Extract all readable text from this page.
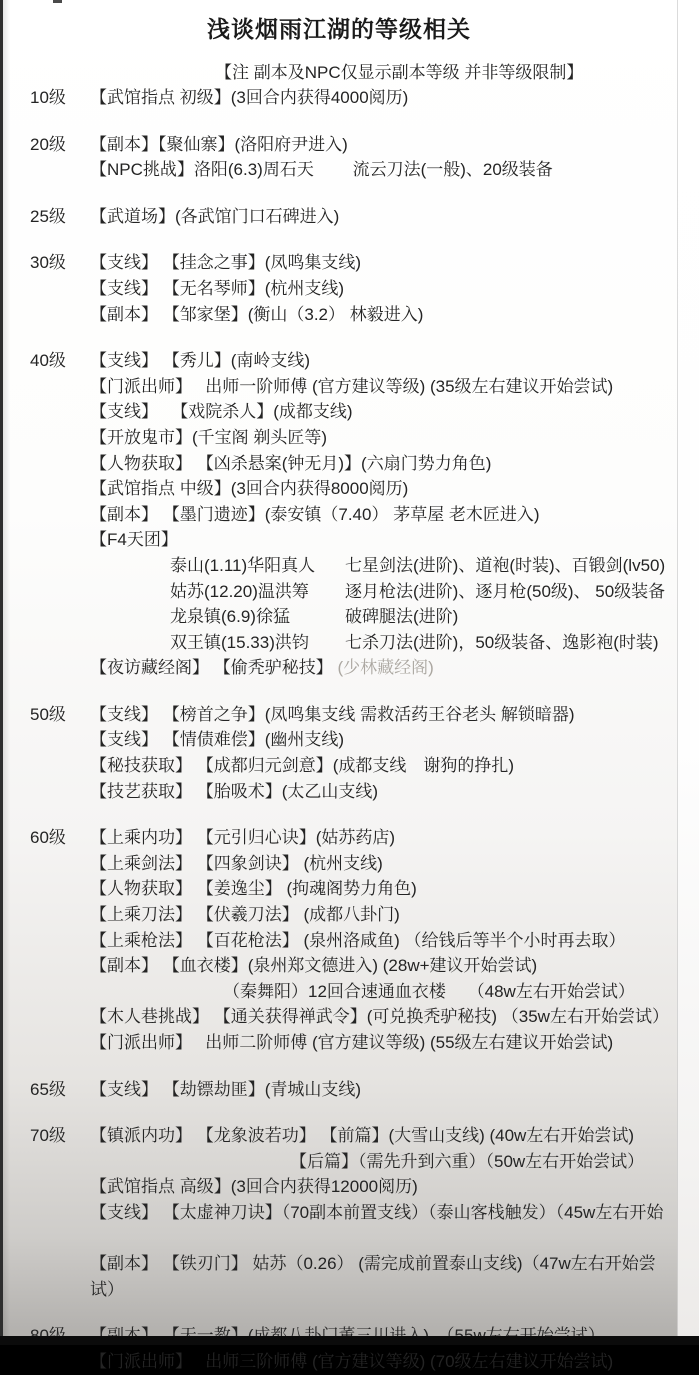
浅谈烟雨江湖的等级相关
【注 副本及NPC仅显示副本等级 并非等级限制】
10级	【武馆指点 初级】(3回合内获得4000阅历)
20级	【副本】【聚仙寨】(洛阳府尹进入)
【NPC挑战】洛阳(6.3)周石天　　 流云刀法(一般)、20级装备
25级	【武道场】(各武馆门口石碑进入)
30级	【支线】 【挂念之事】(凤鸣集支线)
【支线】 【无名琴师】(杭州支线)
【副本】 【邹家堡】(衡山（3.2） 林毅进入)
40级	【支线】 【秀儿】(南岭支线)
【门派出师】　 出师一阶师傅 (官方建议等级) (35级左右建议开始尝试)
【支线】　 【戏院杀人】(成都支线)
【开放鬼市】(千宝阁 剃头匠等)
【人物获取】 【凶杀悬案(钟无月)】(六扇门势力角色)
【武馆指点 中级】(3回合内获得8000阅历)
【副本】 【墨门遗迹】(泰安镇（7.40） 茅草屋 老木匠进入)
【F4天团】
泰山(1.11)华阳真人	七星剑法(进阶)、道袍(时装)、百锻剑(lv50)
姑苏(12.20)温洪筹	逐月枪法(进阶)、逐月枪(50级)、 50级装备
龙泉镇(6.9)徐猛	破碑腿法(进阶)
双王镇(15.33)洪钧	七杀刀法(进阶)，50级装备、逸影袍(时装)
【夜访藏经阁】 【偷秃驴秘技】 (少林藏经阁)
50级	【支线】 【榜首之争】(凤鸣集支线 需救活药王谷老头 解锁暗器)
【支线】 【情债难偿】(幽州支线)
【秘技获取】 【成都归元剑意】(成都支线　谢狗的挣扎)
【技艺获取】 【胎吸术】(太乙山支线)
60级	【上乘内功】 【元引归心诀】(姑苏药店)
【上乘剑法】 【四象剑诀】 (杭州支线)
【人物获取】 【姜逸尘】 (拘魂阁势力角色)
【上乘刀法】 【伏羲刀法】 (成都八卦门)
【上乘枪法】 【百花枪法】 (泉州洛咸鱼) （给钱后等半个小时再去取）
【副本】 【血衣楼】(泉州郑文德进入) (28w+建议开始尝试)
（秦舞阳）12回合速通血衣楼　 （48w左右开始尝试）
【木人巷挑战】 【通关获得禅武令】(可兑换秃驴秘技) （35w左右开始尝试）
【门派出师】　 出师二阶师傅 (官方建议等级) (55级左右建议开始尝试)
65级	【支线】 【劫镖劫匪】(青城山支线)
70级	【镇派内功】 【龙象波若功】 【前篇】(大雪山支线) (40w左右开始尝试)
【后篇】（需先升到六重）（50w左右开始尝试）
【武馆指点 高级】(3回合内获得12000阅历)
【支线】 【太虚神刀诀】（70副本前置支线）（泰山客栈触发）（45w左右开始
【副本】 【铁刃门】 姑苏（0.26） (需完成前置泰山支线)（47w左右开始尝试）
【门派出师】　 出师三阶师傅 (官方建议等级) (70级左右建议开始尝试)
